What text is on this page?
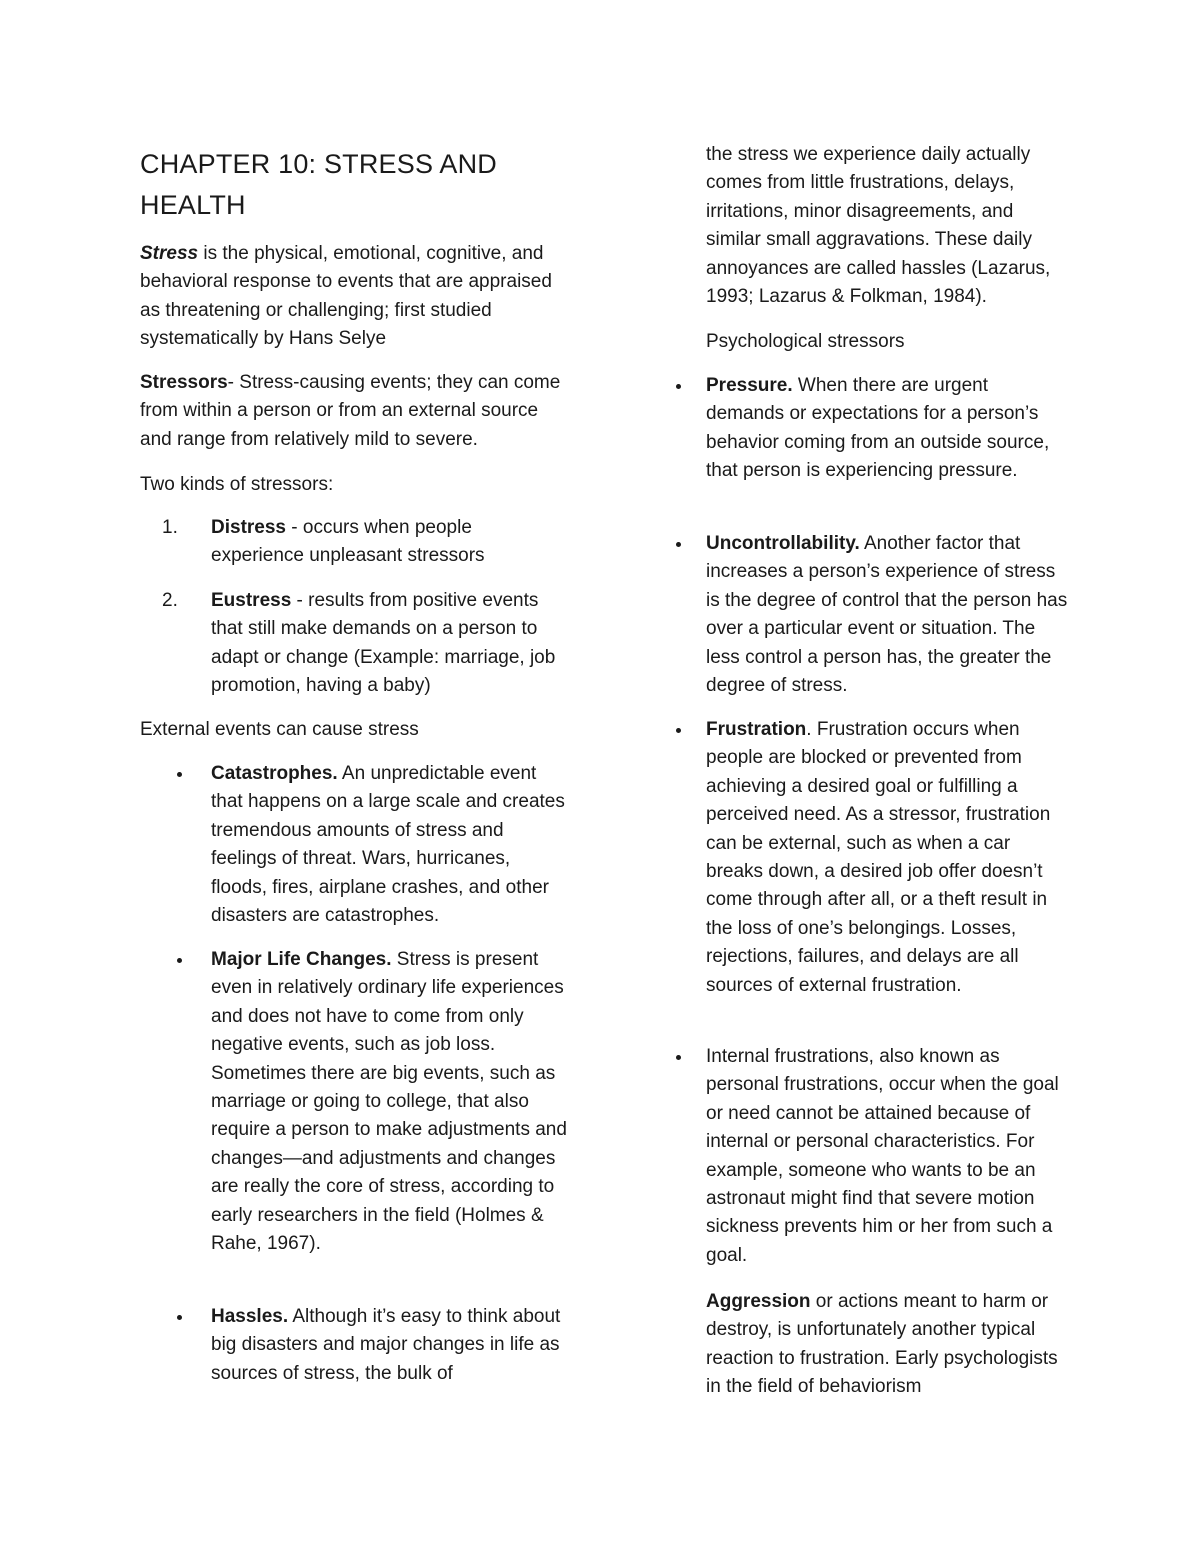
CHAPTER 10: STRESS AND
HEALTH

Stress is the physical, emotional, cognitive, and behavioral response to events that are appraised as threatening or challenging; first studied systematically by Hans Selye

Stressors- Stress-causing events; they can come from within a person or from an external source and range from relatively mild to severe.

Two kinds of stressors:

1. Distress - occurs when people experience unpleasant stressors
2. Eustress - results from positive events that still make demands on a person to adapt or change (Example: marriage, job promotion, having a baby)

External events can cause stress

Catastrophes. An unpredictable event that happens on a large scale and creates tremendous amounts of stress and feelings of threat. Wars, hurricanes, floods, fires, airplane crashes, and other disasters are catastrophes.
Major Life Changes. Stress is present even in relatively ordinary life experiences and does not have to come from only negative events, such as job loss. Sometimes there are big events, such as marriage or going to college, that also require a person to make adjustments and changes—and adjustments and changes are really the core of stress, according to early researchers in the field (Holmes & Rahe, 1967).
Hassles. Although it’s easy to think about big disasters and major changes in life as sources of stress, the bulk of

the stress we experience daily actually comes from little frustrations, delays, irritations, minor disagreements, and similar small aggravations. These daily annoyances are called hassles (Lazarus, 1993; Lazarus & Folkman, 1984).

Psychological stressors

Pressure. When there are urgent demands or expectations for a person’s behavior coming from an outside source, that person is experiencing pressure.
Uncontrollability. Another factor that increases a person’s experience of stress is the degree of control that the person has over a particular event or situation. The less control a person has, the greater the degree of stress.
Frustration. Frustration occurs when people are blocked or prevented from achieving a desired goal or fulfilling a perceived need. As a stressor, frustration can be external, such as when a car breaks down, a desired job offer doesn’t come through after all, or a theft result in the loss of one’s belongings. Losses, rejections, failures, and delays are all sources of external frustration.
Internal frustrations, also known as personal frustrations, occur when the goal or need cannot be attained because of internal or personal characteristics. For example, someone who wants to be an astronaut might find that severe motion sickness prevents him or her from such a goal.

Aggression or actions meant to harm or destroy, is unfortunately another typical reaction to frustration. Early psychologists in the field of behaviorism
